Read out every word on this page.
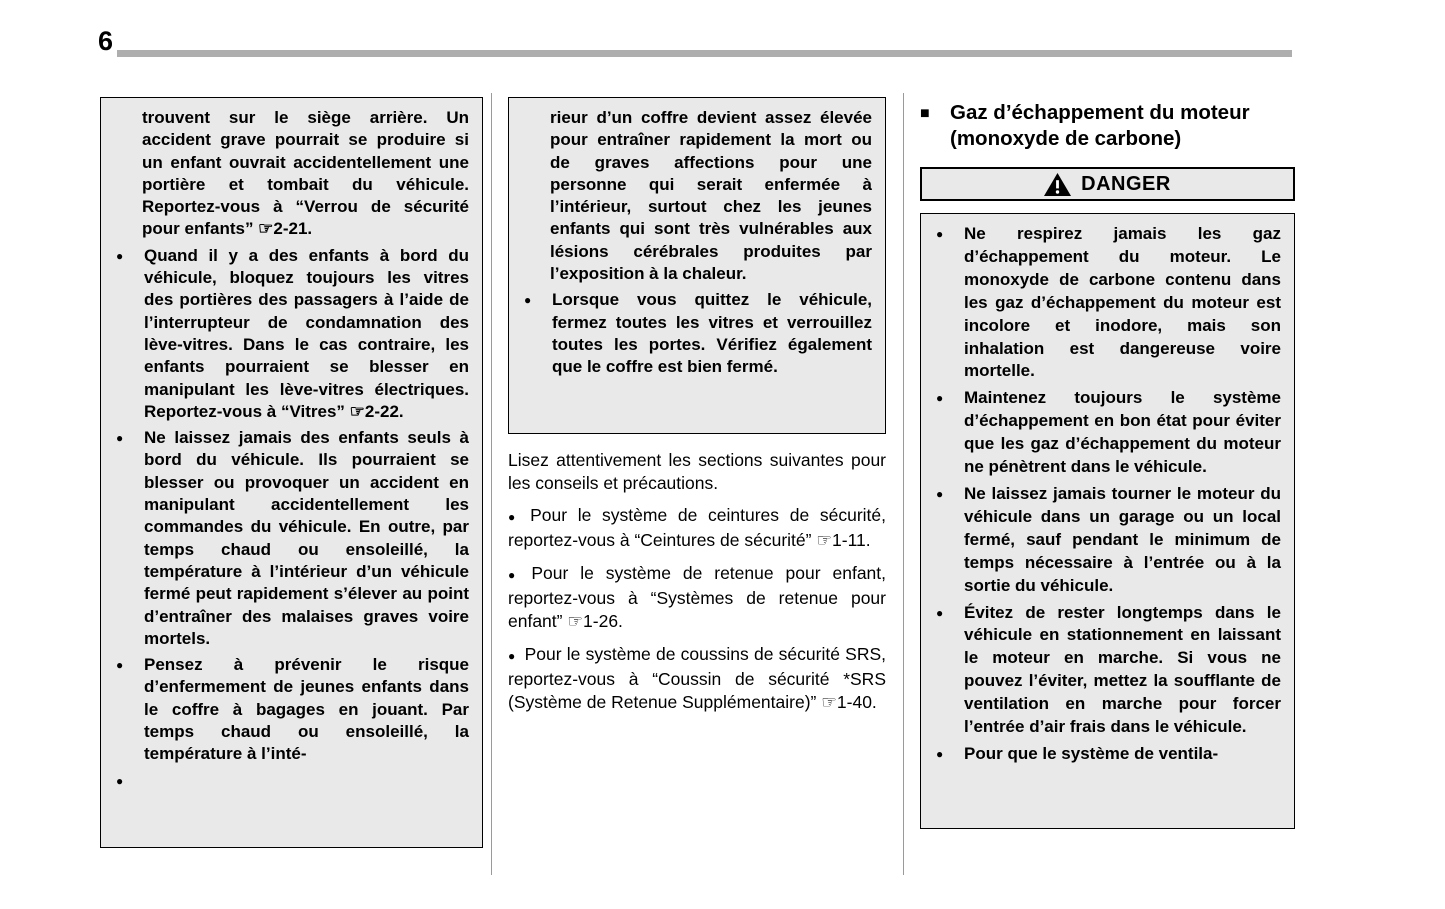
6

trouvent sur le siège arrière. Un accident grave pourrait se produire si un enfant ouvrait accidentellement une portière et tombait du véhicule. Reportez-vous à “Verrou de sécurité pour enfants” ☞2-21.

●	Quand il y a des enfants à bord du véhicule, bloquez toujours les vitres des portières des passagers à l’aide de l’interrupteur de condamnation des lève-vitres. Dans le cas contraire, les enfants pourraient se blesser en manipulant les lève-vitres électriques. Reportez-vous à “Vitres” ☞2-22.

●	Ne laissez jamais des enfants seuls à bord du véhicule. Ils pourraient se blesser ou provoquer un accident en manipulant accidentellement les commandes du véhicule. En outre, par temps chaud ou ensoleillé, la température à l’intérieur d’un véhicule fermé peut rapidement s’élever au point d’entraîner des malaises graves voire mortels.

●	Pensez à prévenir le risque d’enfermement de jeunes enfants dans le coffre à bagages en jouant. Par temps chaud ou ensoleillé, la température à l’inté-

●

rieur d’un coffre devient assez élevée pour entraîner rapidement la mort ou de graves affections pour une personne qui serait enfermée à l’intérieur, surtout chez les jeunes enfants qui sont très vulnérables aux lésions cérébrales produites par l’exposition à la chaleur.

●	Lorsque vous quittez le véhicule, fermez toutes les vitres et verrouillez toutes les portes. Vérifiez également que le coffre est bien fermé.

Lisez attentivement les sections suivantes pour les conseils et précautions.

● Pour le système de ceintures de sécurité, reportez-vous à “Ceintures de sécurité” ☞1-11.

● Pour le système de retenue pour enfant, reportez-vous à “Systèmes de retenue pour enfant” ☞1-26.

● Pour le système de coussins de sécurité SRS, reportez-vous à “Coussin de sécurité *SRS (Système de Retenue Supplémentaire)” ☞1-40.

■ Gaz d’échappement du moteur (monoxyde de carbone)
DANGER
●	Ne respirez jamais les gaz d’échappement du moteur. Le monoxyde de carbone contenu dans les gaz d’échappement du moteur est incolore et inodore, mais son inhalation est dangereuse voire mortelle.

●	Maintenez toujours le système d’échappement en bon état pour éviter que les gaz d’échappement du moteur ne pénètrent dans le véhicule.

●	Ne laissez jamais tourner le moteur du véhicule dans un garage ou un local fermé, sauf pendant le minimum de temps nécessaire à l’entrée ou à la sortie du véhicule.

●	Évitez de rester longtemps dans le véhicule en stationnement en laissant le moteur en marche. Si vous ne pouvez l’éviter, mettez la soufflante de ventilation en marche pour forcer l’entrée d’air frais dans le véhicule.

●	Pour que le système de ventila-
